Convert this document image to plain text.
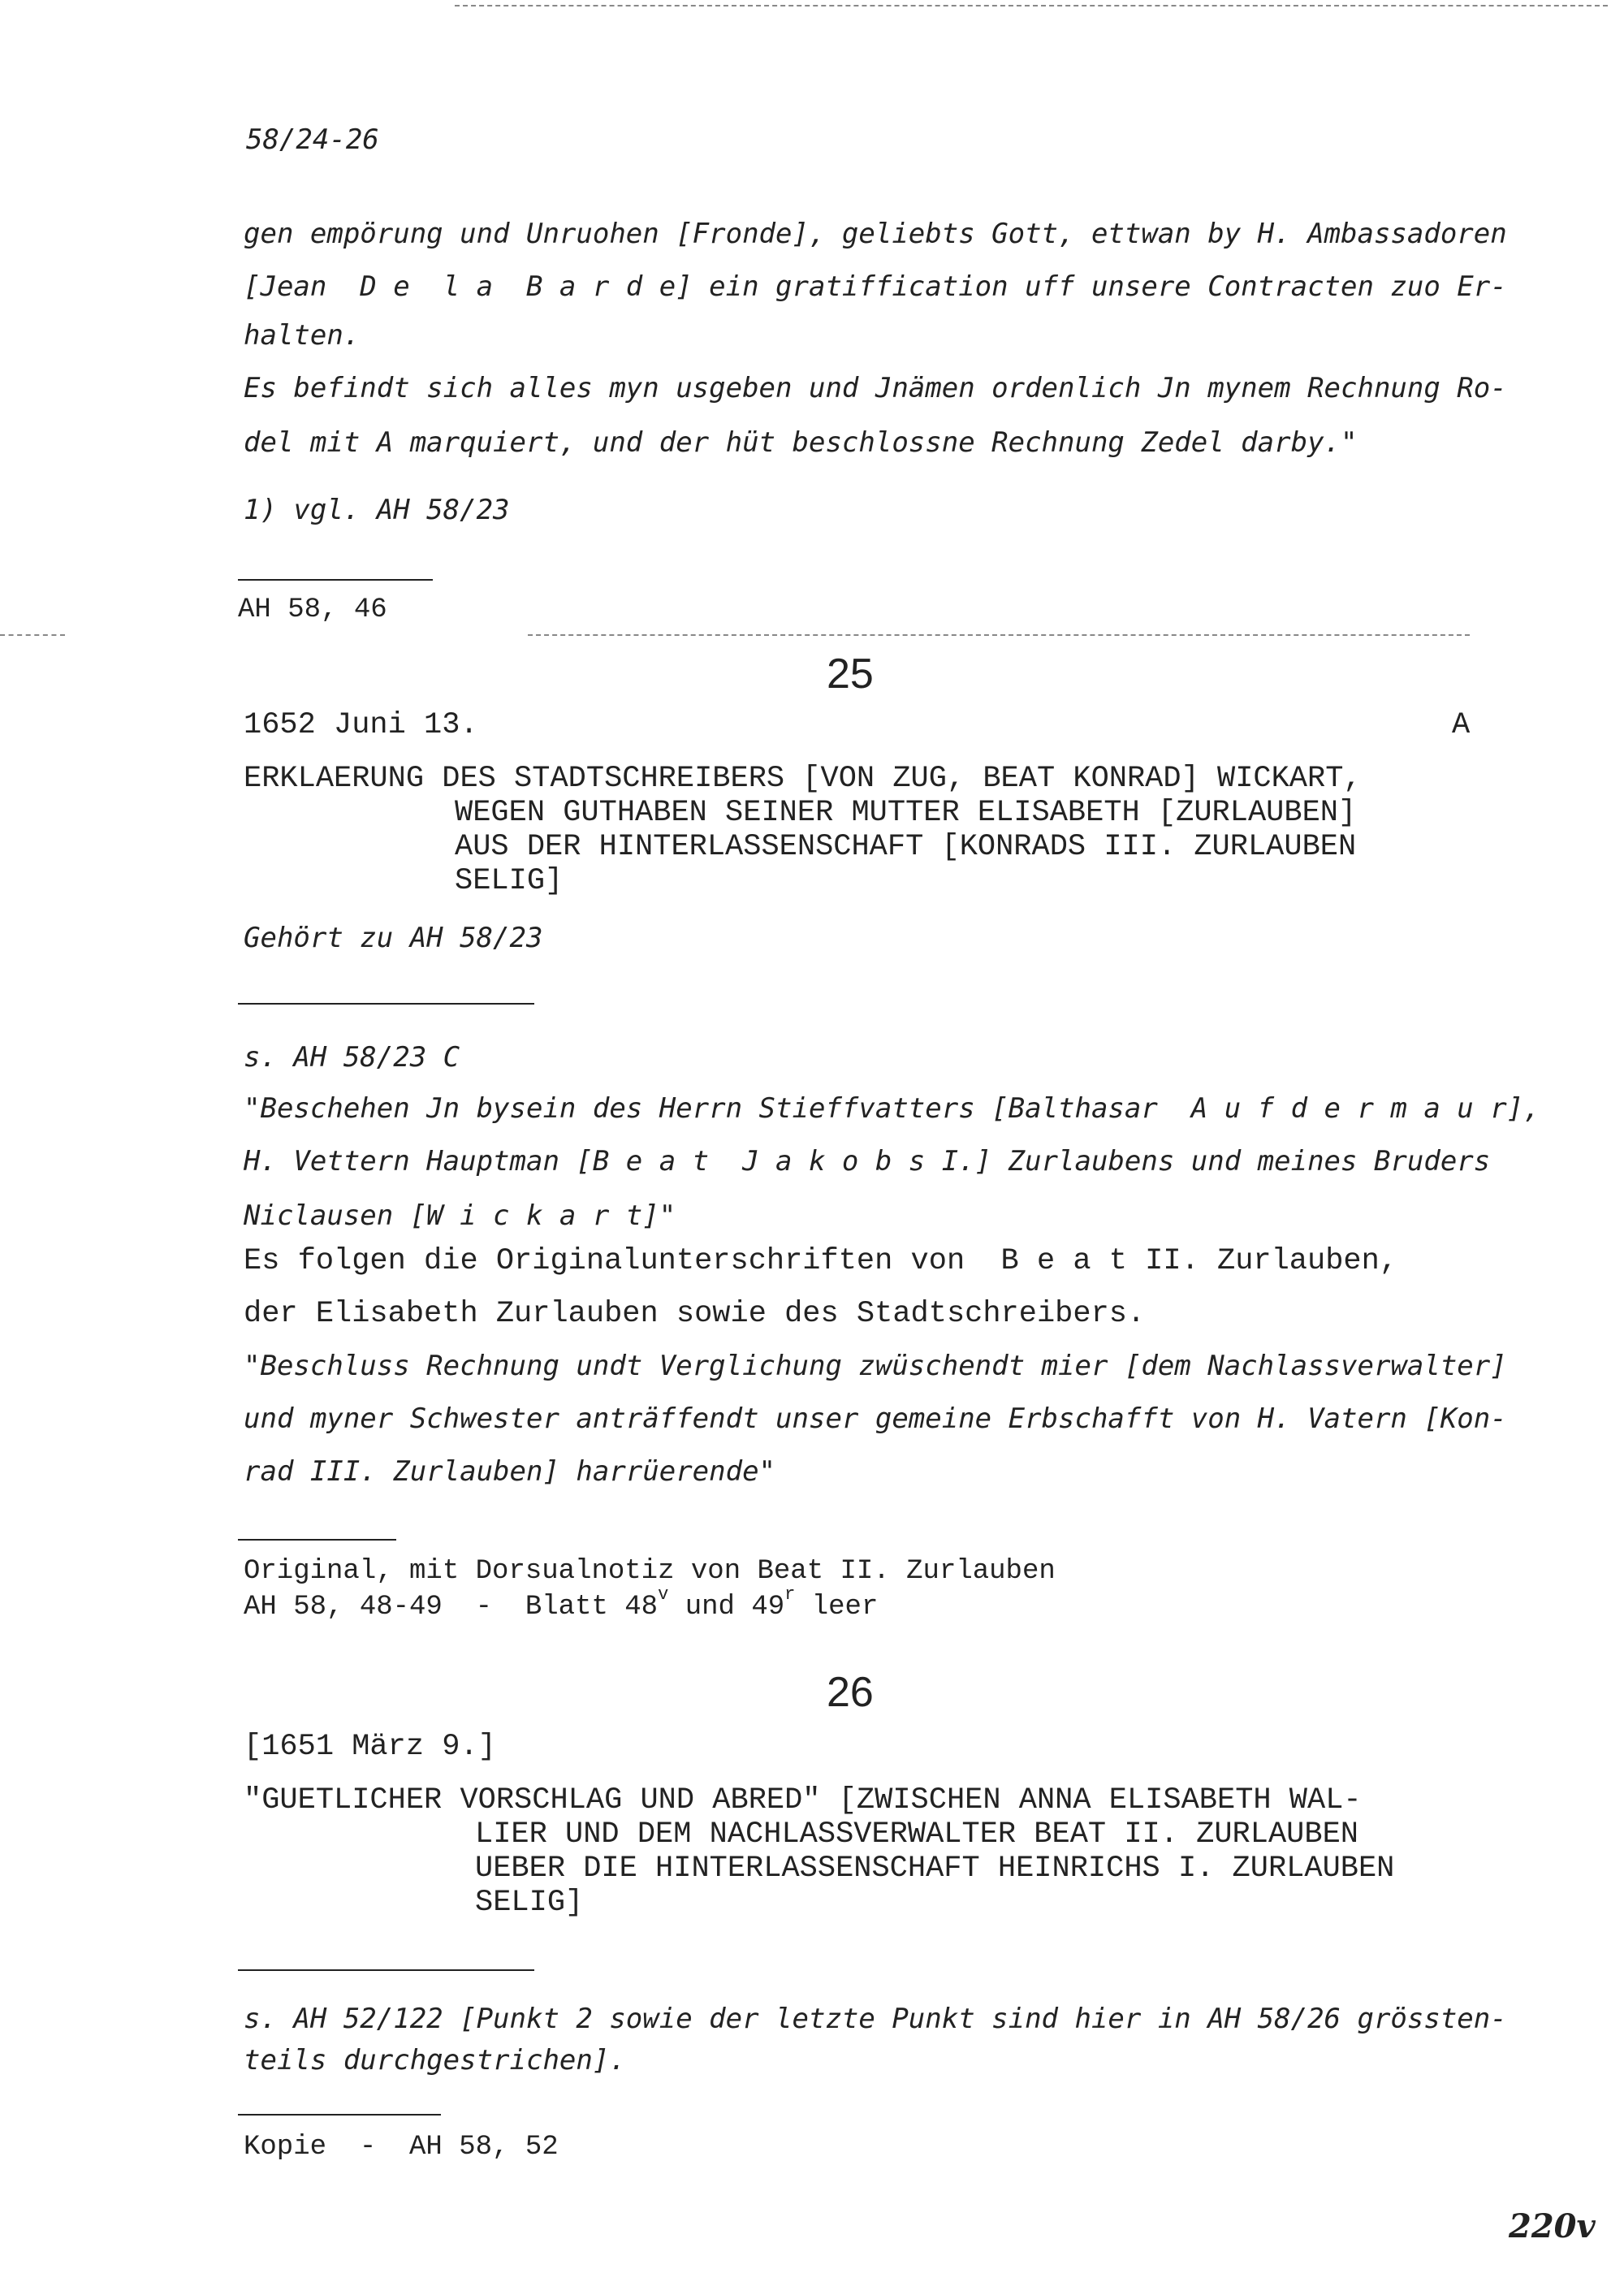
58/24-26
gen empörung und Unruohen [Fronde], geliebts Gott, ettwan by H. Ambassadoren
[Jean  D e  l a  B a r d e] ein gratiffication uff unsere Contracten zuo Er-
halten.
Es befindt sich alles myn usgeben und Jnämen ordenlich Jn mynem Rechnung Ro-
del mit A marquiert, und der hüt beschlossne Rechnung Zedel darby."
1) vgl. AH 58/23
AH 58, 46
25
1652 Juni 13.	A
ERKLAERUNG DES STADTSCHREIBERS [VON ZUG, BEAT KONRAD] WICKART,
WEGEN GUTHABEN SEINER MUTTER ELISABETH [ZURLAUBEN]
AUS DER HINTERLASSENSCHAFT [KONRADS III. ZURLAUBEN
SELIG]
Gehört zu AH 58/23
s. AH 58/23 C
"Beschehen Jn bysein des Herrn Stieffvatters [Balthasar  A u f d e r m a u r],
H. Vettern Hauptman [B e a t  J a k o b s I.] Zurlaubens und meines Bruders
Niclausen [W i c k a r t]"
Es folgen die Originalunterschriften von  B e a t II. Zurlauben,
der Elisabeth Zurlauben sowie des Stadtschreibers.
"Beschluss Rechnung undt Verglichung zwüschendt mier [dem Nachlassverwalter]
und myner Schwester anträffendt unser gemeine Erbschafft von H. Vatern [Kon-
rad III. Zurlauben] harrüerende"
Original, mit Dorsualnotiz von Beat II. Zurlauben
AH 58, 48-49  -  Blatt 48$^v$ und 49$^r$ leer
26
[1651 März 9.]
"GUETLICHER VORSCHLAG UND ABRED" [ZWISCHEN ANNA ELISABETH WAL-
LIER UND DEM NACHLASSVERWALTER BEAT II. ZURLAUBEN
UEBER DIE HINTERLASSENSCHAFT HEINRICHS I. ZURLAUBEN
SELIG]
s. AH 52/122 [Punkt 2 sowie der letzte Punkt sind hier in AH 58/26 grössten-
teils durchgestrichen].
Kopie  -  AH 58, 52
220v
